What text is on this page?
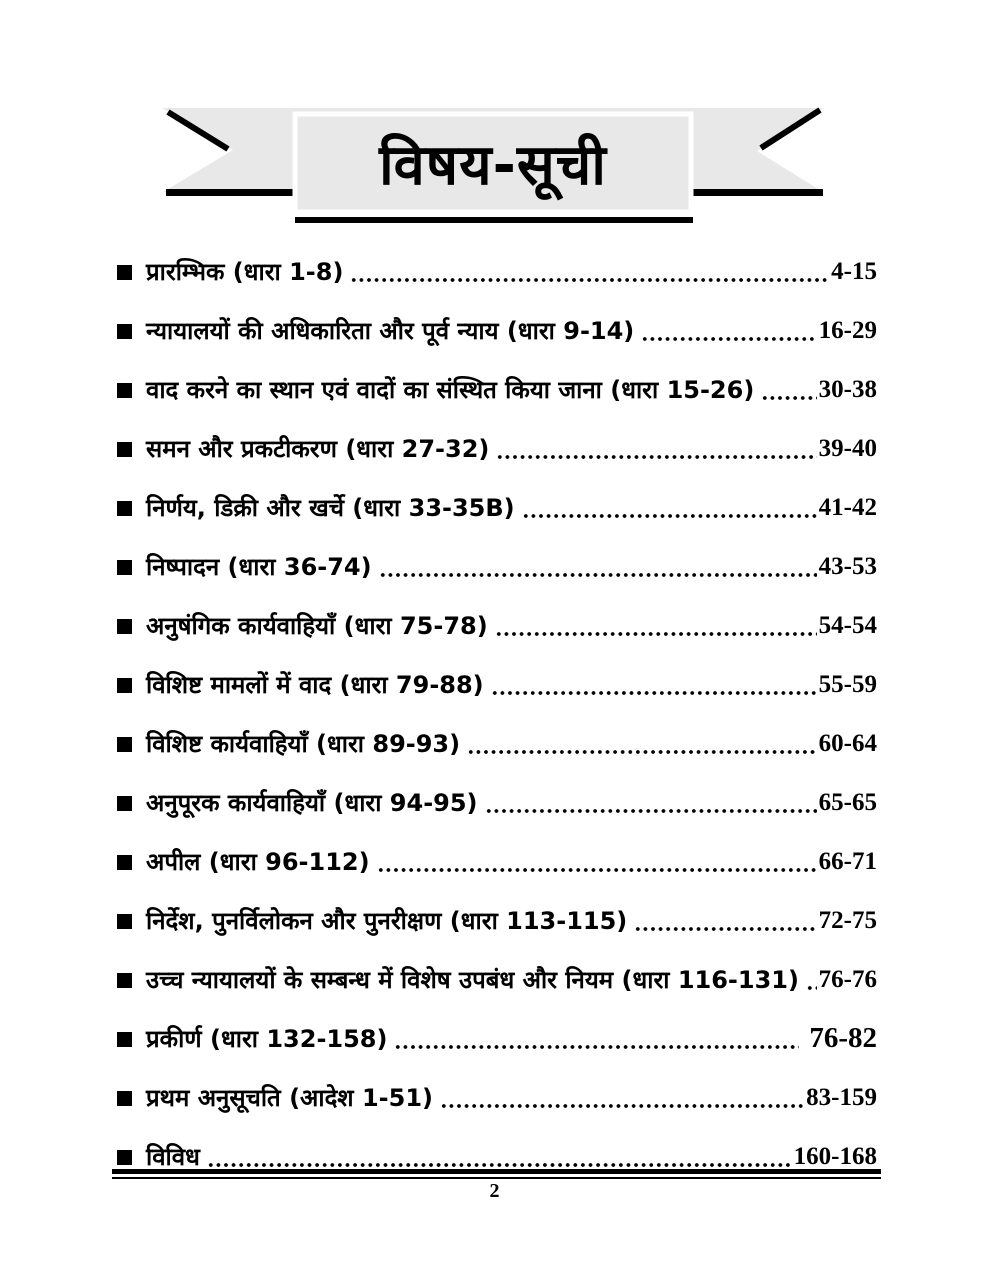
विषय-सूची
प्रारम्भिक (धारा 1-8)	4-15
न्यायालयों की अधिकारिता और पूर्व न्याय (धारा 9-14)	16-29
वाद करने का स्थान एवं वादों का संस्थित किया जाना (धारा 15-26)	30-38
समन और प्रकटीकरण (धारा 27-32)	39-40
निर्णय, डिक्री और खर्चे (धारा 33-35B)	41-42
निष्पादन (धारा 36-74)	43-53
अनुषंगिक कार्यवाहियाँ (धारा 75-78)	54-54
विशिष्ट मामलों में वाद (धारा 79-88)	55-59
विशिष्ट कार्यवाहियाँ (धारा 89-93)	60-64
अनुपूरक कार्यवाहियाँ (धारा 94-95)	65-65
अपील (धारा 96-112)	66-71
निर्देश, पुनर्विलोकन और पुनरीक्षण (धारा 113-115)	72-75
उच्च न्यायालयों के सम्बन्ध में विशेष उपबंध और नियम (धारा 116-131) 76-76
प्रकीर्ण (धारा 132-158)	76-82
प्रथम अनुसूचति (आदेश 1-51)	83-159
विविध	160-168
2
